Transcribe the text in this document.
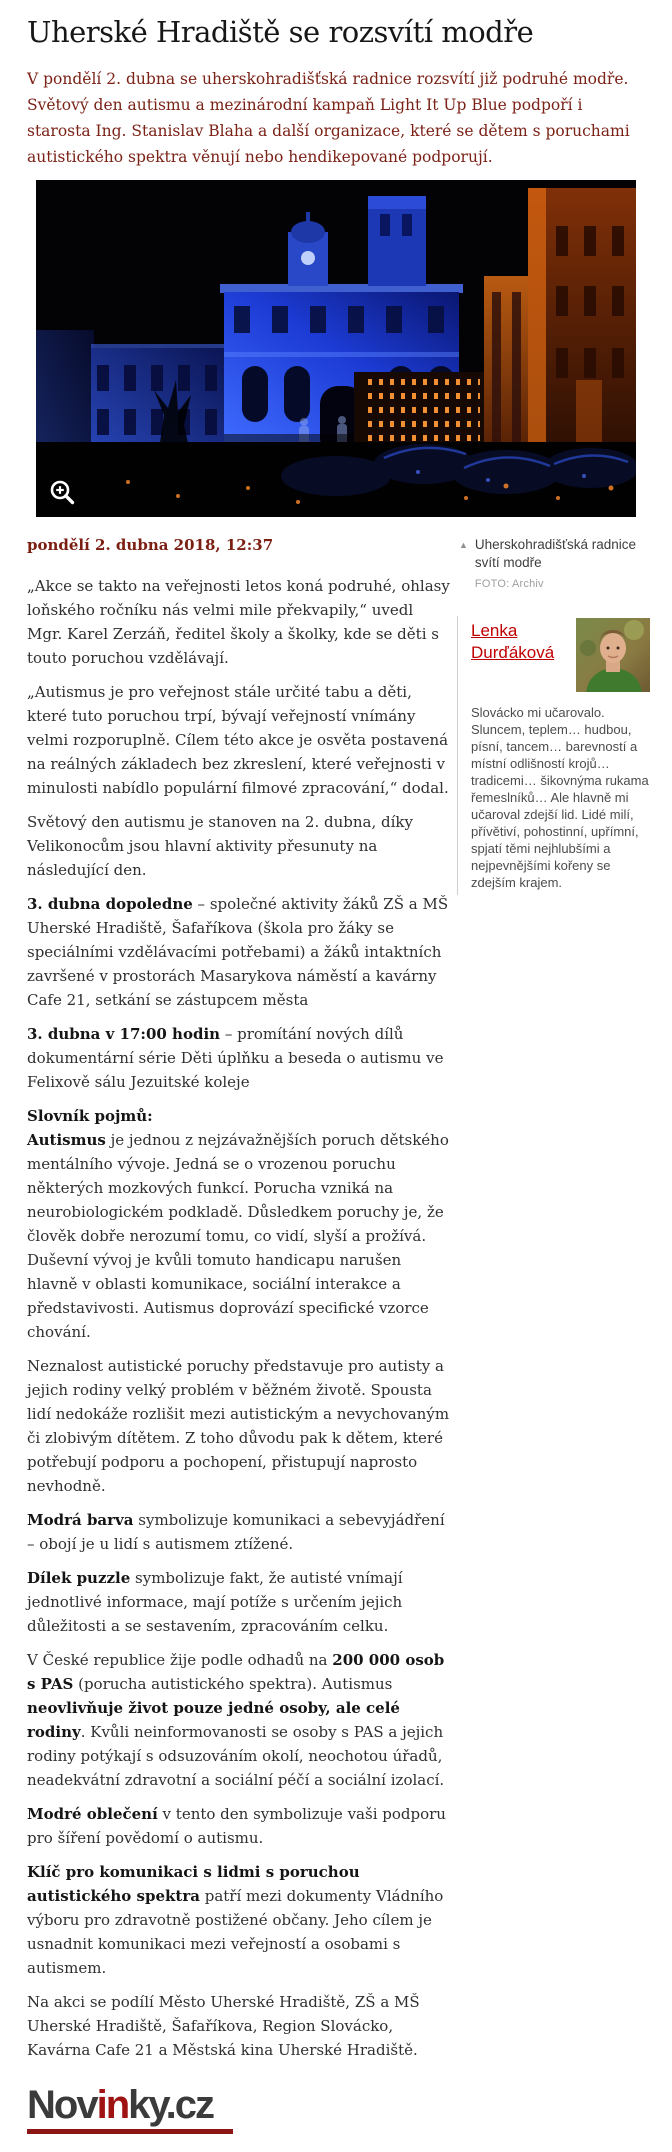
Uherské Hradiště se rozsvítí modře

V pondělí 2. dubna se uherskohradišťská radnice rozsvítí již podruhé modře. Světový den autismu a mezinárodní kampaň Light It Up Blue podpoří i starosta Ing. Stanislav Blaha a další organizace, které se dětem s poruchami autistického spektra věnují nebo hendikepované podporují.

pondělí 2. dubna 2018, 12:37

„Akce se takto na veřejnosti letos koná podruhé, ohlasy loňského ročníku nás velmi mile překvapily,“ uvedl Mgr. Karel Zerzáň, ředitel školy a školky, kde se děti s touto poruchou vzdělávají.

„Autismus je pro veřejnost stále určité tabu a děti, které tuto poruchou trpí, bývají veřejností vnímány velmi rozporuplně. Cílem této akce je osvěta postavená na reálných základech bez zkreslení, které veřejnosti v minulosti nabídlo populární filmové zpracování,“ dodal.

Světový den autismu je stanoven na 2. dubna, díky Velikonocům jsou hlavní aktivity přesunuty na následující den.

3. dubna dopoledne – společné aktivity žáků ZŠ a MŠ Uherské Hradiště, Šafaříkova (škola pro žáky se speciálními vzdělávacími potřebami) a žáků intaktních završené v prostorách Masarykova náměstí a kavárny Cafe 21, setkání se zástupcem města

3. dubna v 17:00 hodin – promítání nových dílů dokumentární série Děti úplňku a beseda o autismu ve Felixově sálu Jezuitské koleje

Slovník pojmů:
Autismus je jednou z nejzávažnějších poruch dětského mentálního vývoje. Jedná se o vrozenou poruchu některých mozkových funkcí. Porucha vzniká na neurobiologickém podkladě. Důsledkem poruchy je, že člověk dobře nerozumí tomu, co vidí, slyší a prožívá. Duševní vývoj je kvůli tomuto handicapu narušen hlavně v oblasti komunikace, sociální interakce a představivosti. Autismus doprovází specifické vzorce chování.

Neznalost autistické poruchy představuje pro autisty a jejich rodiny velký problém v běžném životě. Spousta lidí nedokáže rozlišit mezi autistickým a nevychovaným či zlobivým dítětem. Z toho důvodu pak k dětem, které potřebují podporu a pochopení, přistupují naprosto nevhodně.

Modrá barva symbolizuje komunikaci a sebevyjádření – obojí je u lidí s autismem ztížené.

Dílek puzzle symbolizuje fakt, že autisté vnímají jednotlivé informace, mají potíže s určením jejich důležitosti a se sestavením, zpracováním celku.

V České republice žije podle odhadů na 200 000 osob s PAS (porucha autistického spektra). Autismus neovlivňuje život pouze jedné osoby, ale celé rodiny. Kvůli neinformovanosti se osoby s PAS a jejich rodiny potýkají s odsuzováním okolí, neochotou úřadů, neadekvátní zdravotní a sociální péčí a sociální izolací.

Modré oblečení v tento den symbolizuje vaši podporu pro šíření povědomí o autismu.

Klíč pro komunikaci s lidmi s poruchou autistického spektra patří mezi dokumenty Vládního výboru pro zdravotně postižené občany. Jeho cílem je usnadnit komunikaci mezi veřejností a osobami s autismem.

Na akci se podílí Město Uherské Hradiště, ZŠ a MŠ Uherské Hradiště, Šafaříkova, Region Slovácko, Kavárna Cafe 21 a Městská kina Uherské Hradiště.

Novinky.cz
▲ Uherskohradišťská radnice svítí modře
FOTO: Archiv
Lenka Durďáková

Slovácko mi učarovalo. Sluncem, teplem… hudbou, písní, tancem… barevností a místní odlišností krojů… tradicemi… šikovnýma rukama řemeslníků… Ale hlavně mi učaroval zdejší lid. Lidé milí, přívětiví, pohostinní, upřímní, spjatí těmi nejhlubšími a nejpevnějšími kořeny se zdejším krajem.
